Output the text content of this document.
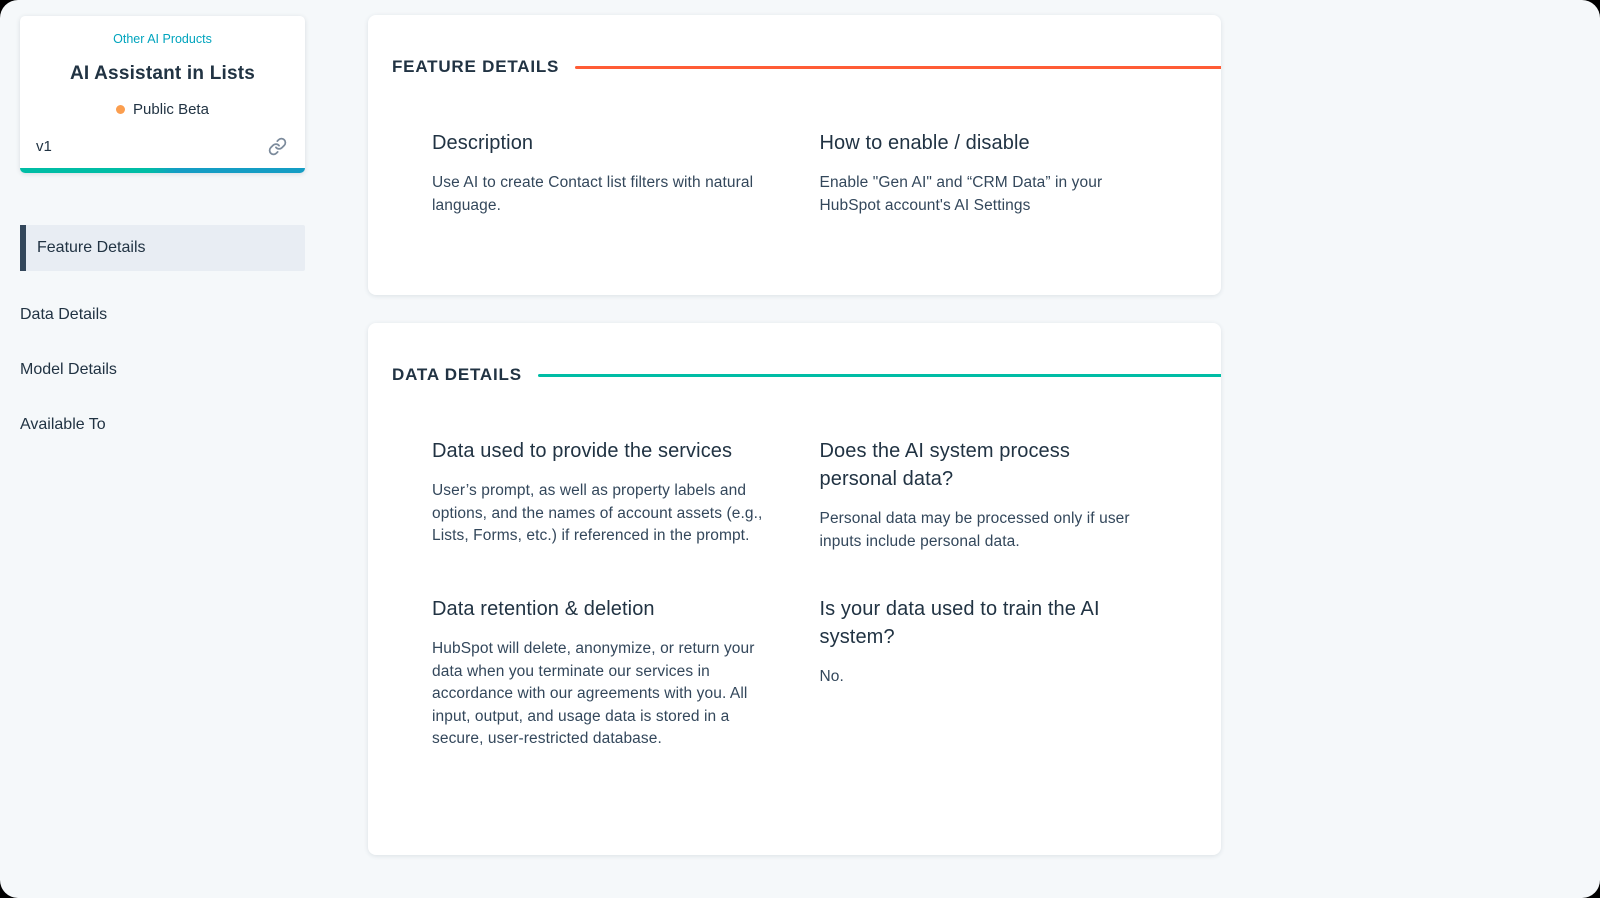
Other AI Products
AI Assistant in Lists
Public Beta
v1
Feature Details
Data Details
Model Details
Available To
FEATURE DETAILS
Description
Use AI to create Contact list filters with natural language.
How to enable / disable
Enable "Gen AI" and “CRM Data” in your HubSpot account's AI Settings
DATA DETAILS
Data used to provide the services
User’s prompt, as well as property labels and options, and the names of account assets (e.g., Lists, Forms, etc.) if referenced in the prompt.
Does the AI system process personal data?
Personal data may be processed only if user inputs include personal data.
Data retention & deletion
HubSpot will delete, anonymize, or return your data when you terminate our services in accordance with our agreements with you. All input, output, and usage data is stored in a secure, user-restricted database.
Is your data used to train the AI system?
No.
